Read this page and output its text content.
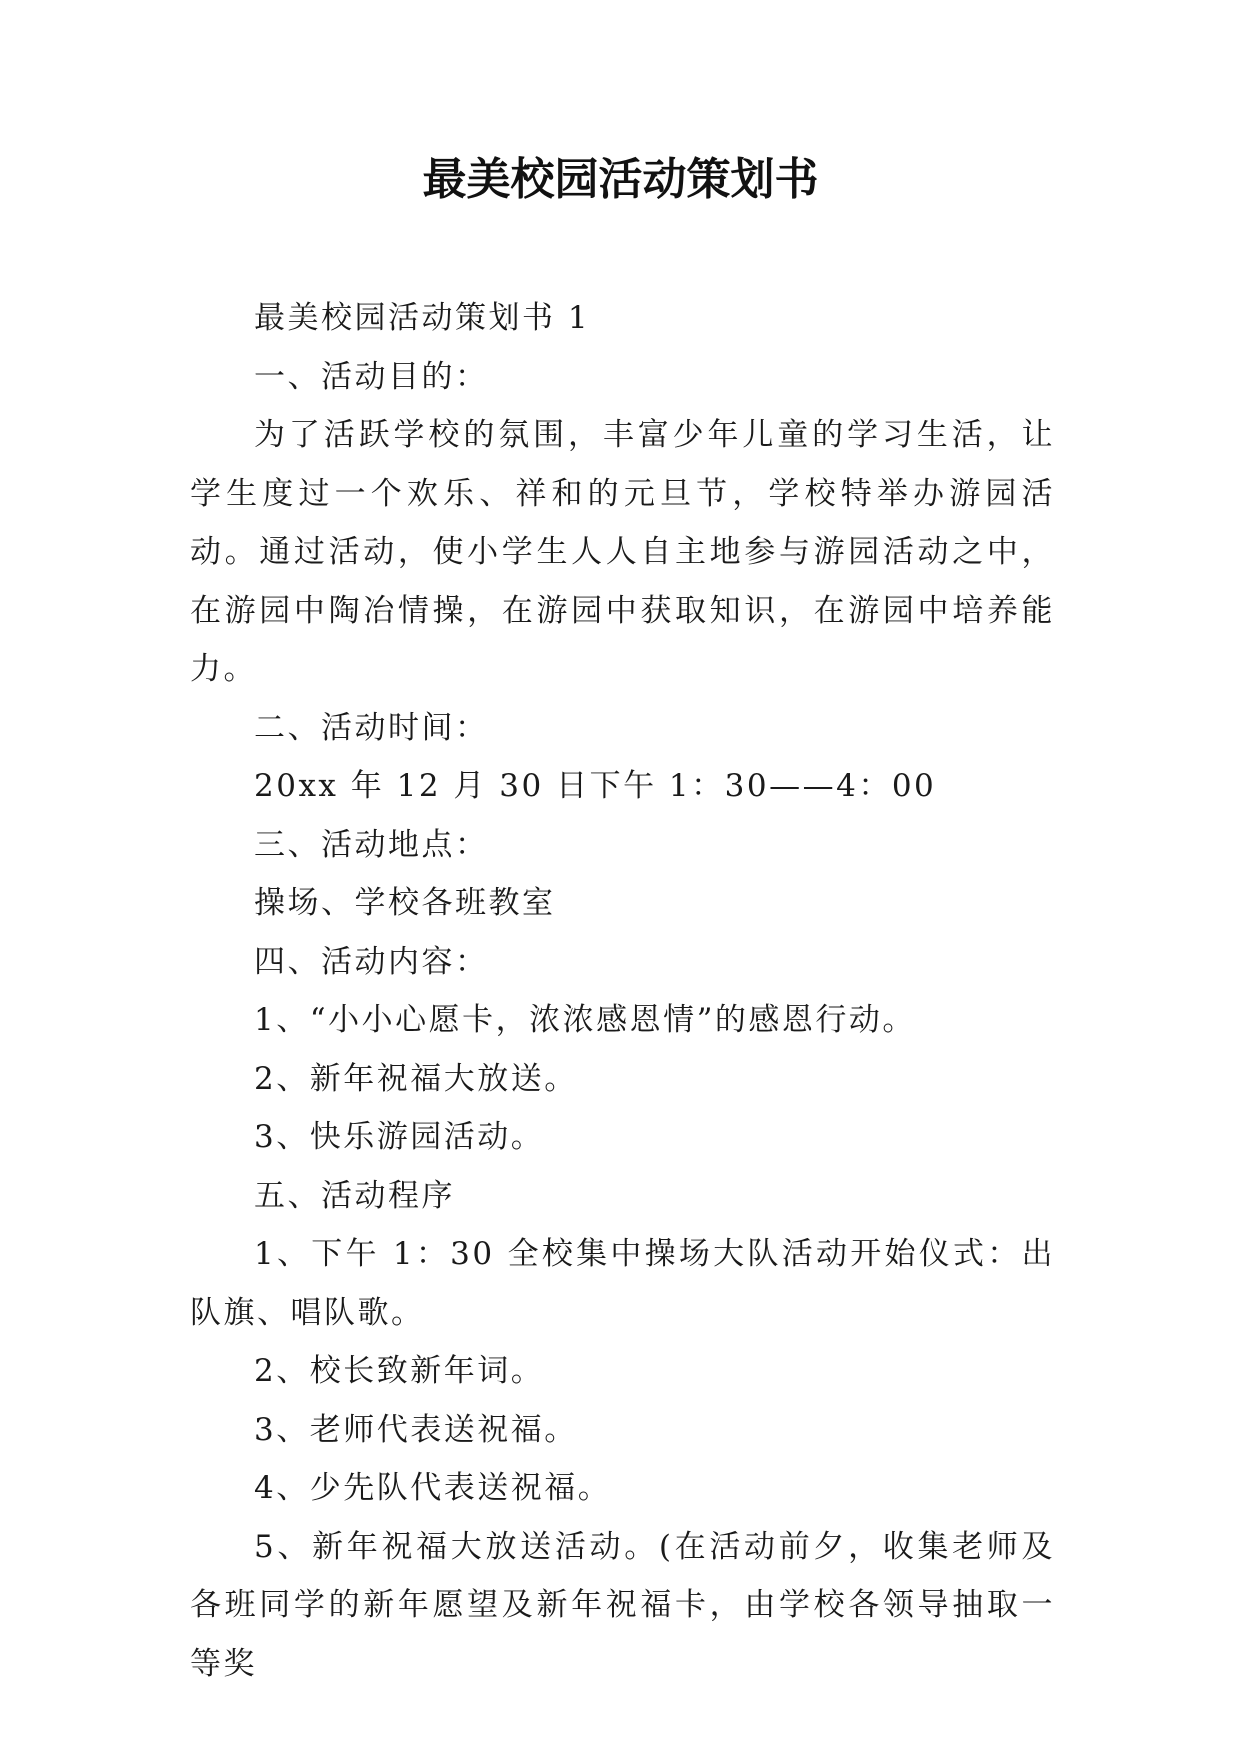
最美校园活动策划书

最美校园活动策划书 1

一、活动目的：

为了活跃学校的氛围，丰富少年儿童的学习生活，让学生度过一个欢乐、祥和的元旦节，学校特举办游园活动。通过活动，使小学生人人自主地参与游园活动之中，在游园中陶冶情操，在游园中获取知识，在游园中培养能力。

二、活动时间：

20xx 年 12 月 30 日下午 1：30——4：00

三、活动地点：

操场、学校各班教室

四、活动内容：

1、“小小心愿卡，浓浓感恩情”的感恩行动。

2、新年祝福大放送。

3、快乐游园活动。

五、活动程序

1、下午 1：30 全校集中操场大队活动开始仪式：出队旗、唱队歌。

2、校长致新年词。

3、老师代表送祝福。

4、少先队代表送祝福。

5、新年祝福大放送活动。(在活动前夕，收集老师及各班同学的新年愿望及新年祝福卡，由学校各领导抽取一等奖
